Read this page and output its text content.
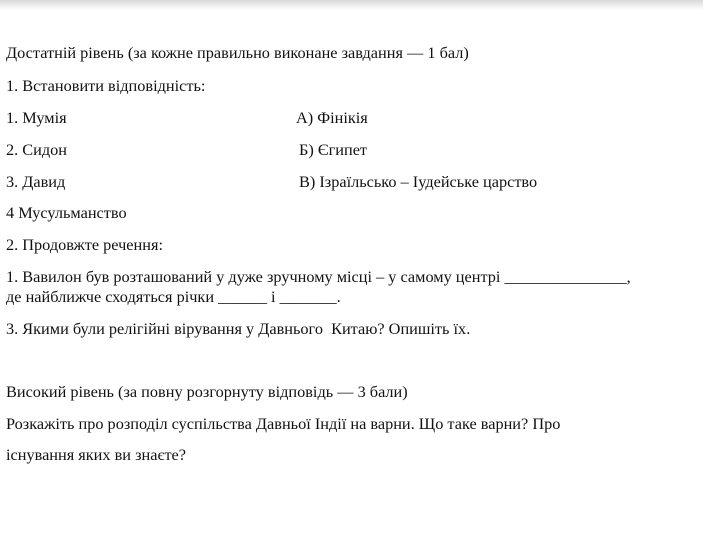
Достатній рівень (за кожне правильно виконане завдання — 1 бал)
1. Встановити відповідність:
1. Мумія	А) Фінікія
2. Сидон	Б) Єгипет
3. Давид	В) Ізраїльсько – Іудейське царство
4 Мусульманство
2. Продовжте речення:
1. Вавилон був розташований у дуже зручному місці – у самому центрі _______________,
де найближче сходяться річки ______ і _______.
3. Якими були релігійні вірування у Давнього  Китаю? Опишіть їх.
Високий рівень (за повну розгорнуту відповідь — 3 бали)
Розкажіть про розподіл суспільства Давньої Індії на варни. Що таке варни? Про
існування яких ви знаєте?
